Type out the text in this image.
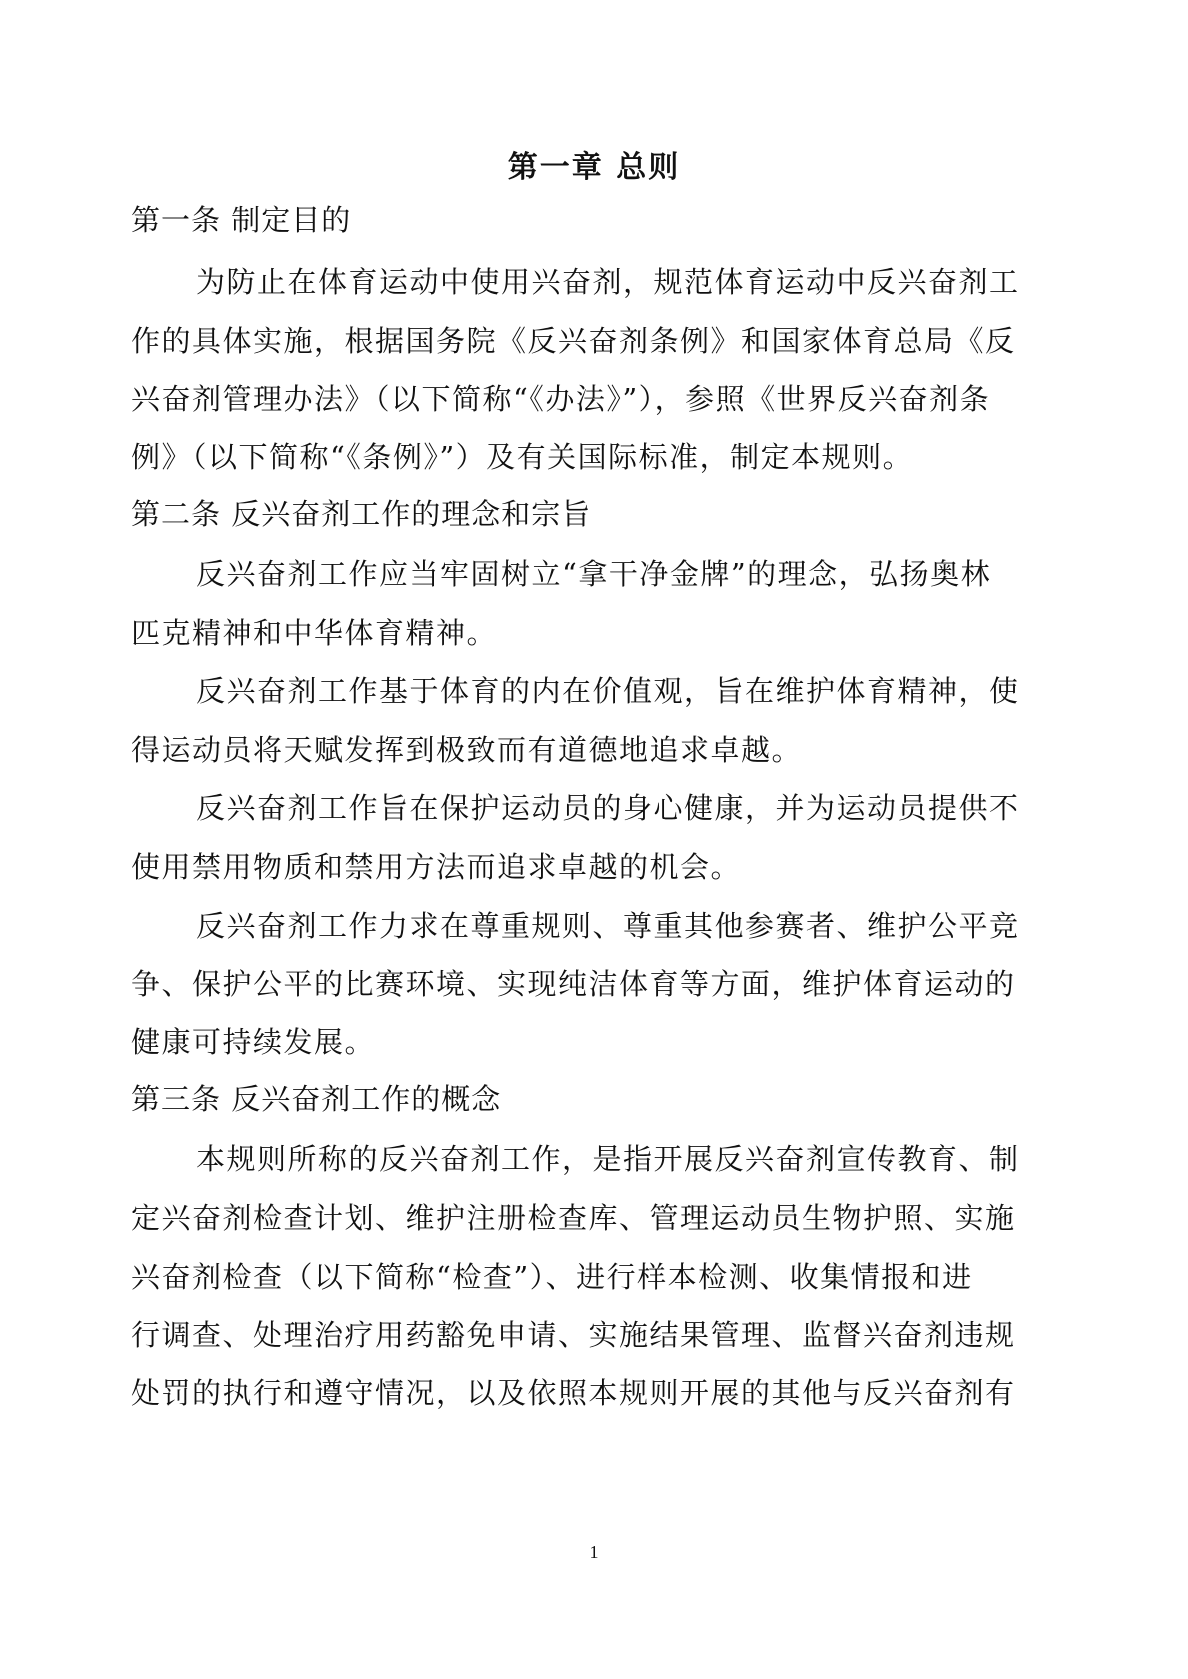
第一章 总则

第一条 制定目的

为防止在体育运动中使用兴奋剂，规范体育运动中反兴奋剂工

作的具体实施，根据国务院《反兴奋剂条例》和国家体育总局《反

兴奋剂管理办法》（以下简称“《办法》”），参照《世界反兴奋剂条

例》（以下简称“《条例》”）及有关国际标准，制定本规则。

第二条 反兴奋剂工作的理念和宗旨

反兴奋剂工作应当牢固树立“拿干净金牌”的理念，弘扬奥林

匹克精神和中华体育精神。

反兴奋剂工作基于体育的内在价值观，旨在维护体育精神，使

得运动员将天赋发挥到极致而有道德地追求卓越。

反兴奋剂工作旨在保护运动员的身心健康，并为运动员提供不

使用禁用物质和禁用方法而追求卓越的机会。

反兴奋剂工作力求在尊重规则、尊重其他参赛者、维护公平竞

争、保护公平的比赛环境、实现纯洁体育等方面，维护体育运动的

健康可持续发展。

第三条 反兴奋剂工作的概念

本规则所称的反兴奋剂工作，是指开展反兴奋剂宣传教育、制

定兴奋剂检查计划、维护注册检查库、管理运动员生物护照、实施

兴奋剂检查（以下简称“检查”）、进行样本检测、收集情报和进

行调查、处理治疗用药豁免申请、实施结果管理、监督兴奋剂违规

处罚的执行和遵守情况，以及依照本规则开展的其他与反兴奋剂有

1
